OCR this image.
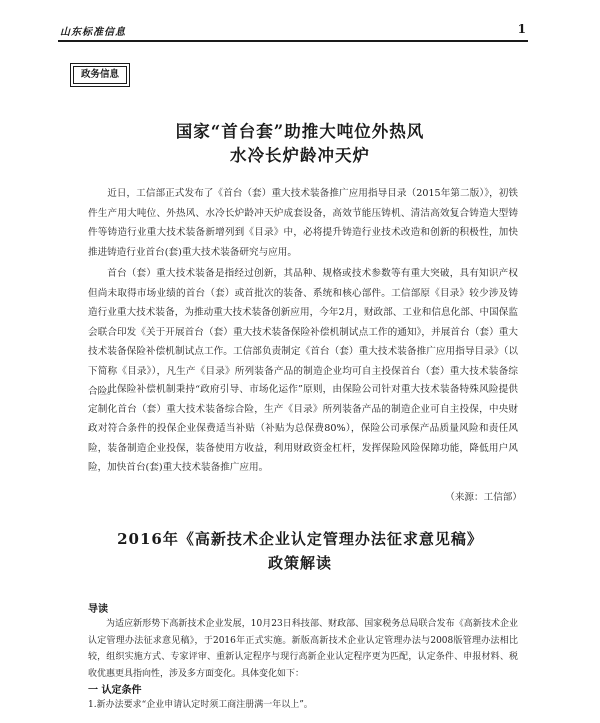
山东标准信息	1
政务信息
国家“首台套”助推大吨位外热风
水冷长炉龄冲天炉
近日，工信部正式发布了《首台（套）重大技术装备推广应用指导目录（2015年第二版）》，初铁件生产用大吨位、外热风、水冷长炉龄冲天炉成套设备，高效节能压铸机、清洁高效复合铸造大型铸件等铸造行业重大技术装备新增列到《目录》中，必将提升铸造行业技术改造和创新的积极性，加快推进铸造行业首台(套)重大技术装备研究与应用。
首台（套）重大技术装备是指经过创新，其品种、规格或技术参数等有重大突破，具有知识产权但尚未取得市场业绩的首台（套）或首批次的装备、系统和核心部件。工信部原《目录》较少涉及铸造行业重大技术装备，为推动重大技术装备创新应用，今年2月，财政部、工业和信息化部、中国保监会联合印发《关于开展首台（套）重大技术装备保险补偿机制试点工作的通知》，并展首台（套）重大技术装备保险补偿机制试点工作。工信部负责制定《首台（套）重大技术装备推广应用指导目录》（以下简称《目录》），凡生产《目录》所列装备产品的制造企业均可自主投保首台（套）重大技术装备综合险。
此保险补偿机制秉持“政府引导、市场化运作”原则，由保险公司针对重大技术装备特殊风险提供定制化首台（套）重大技术装备综合险，生产《目录》所列装备产品的制造企业可自主投保，中央财政对符合条件的投保企业保费适当补贴（补贴为总保费80%），保险公司承保产品质量风险和责任风险，装备制造企业投保，装备使用方收益，利用财政资金杠杆，发挥保险风险保障功能，降低用户风险，加快首台(套)重大技术装备推广应用。
（来源：工信部）
2016年《高新技术企业认定管理办法征求意见稿》
政策解读
导读
为适应新形势下高新技术企业发展，10月23日科技部、财政部、国家税务总局联合发布《高新技术企业认定管理办法征求意见稿》，于2016年正式实施。新版高新技术企业认定管理办法与2008版管理办法相比较，组织实施方式、专家评审、重新认定程序与现行高新企业认定程序更为匹配，认定条件、申报材料、税收优惠更具指向性，涉及多方面变化。具体变化如下：
一 认定条件
1.新办法要求“企业申请认定时须工商注册满一年以上”。
